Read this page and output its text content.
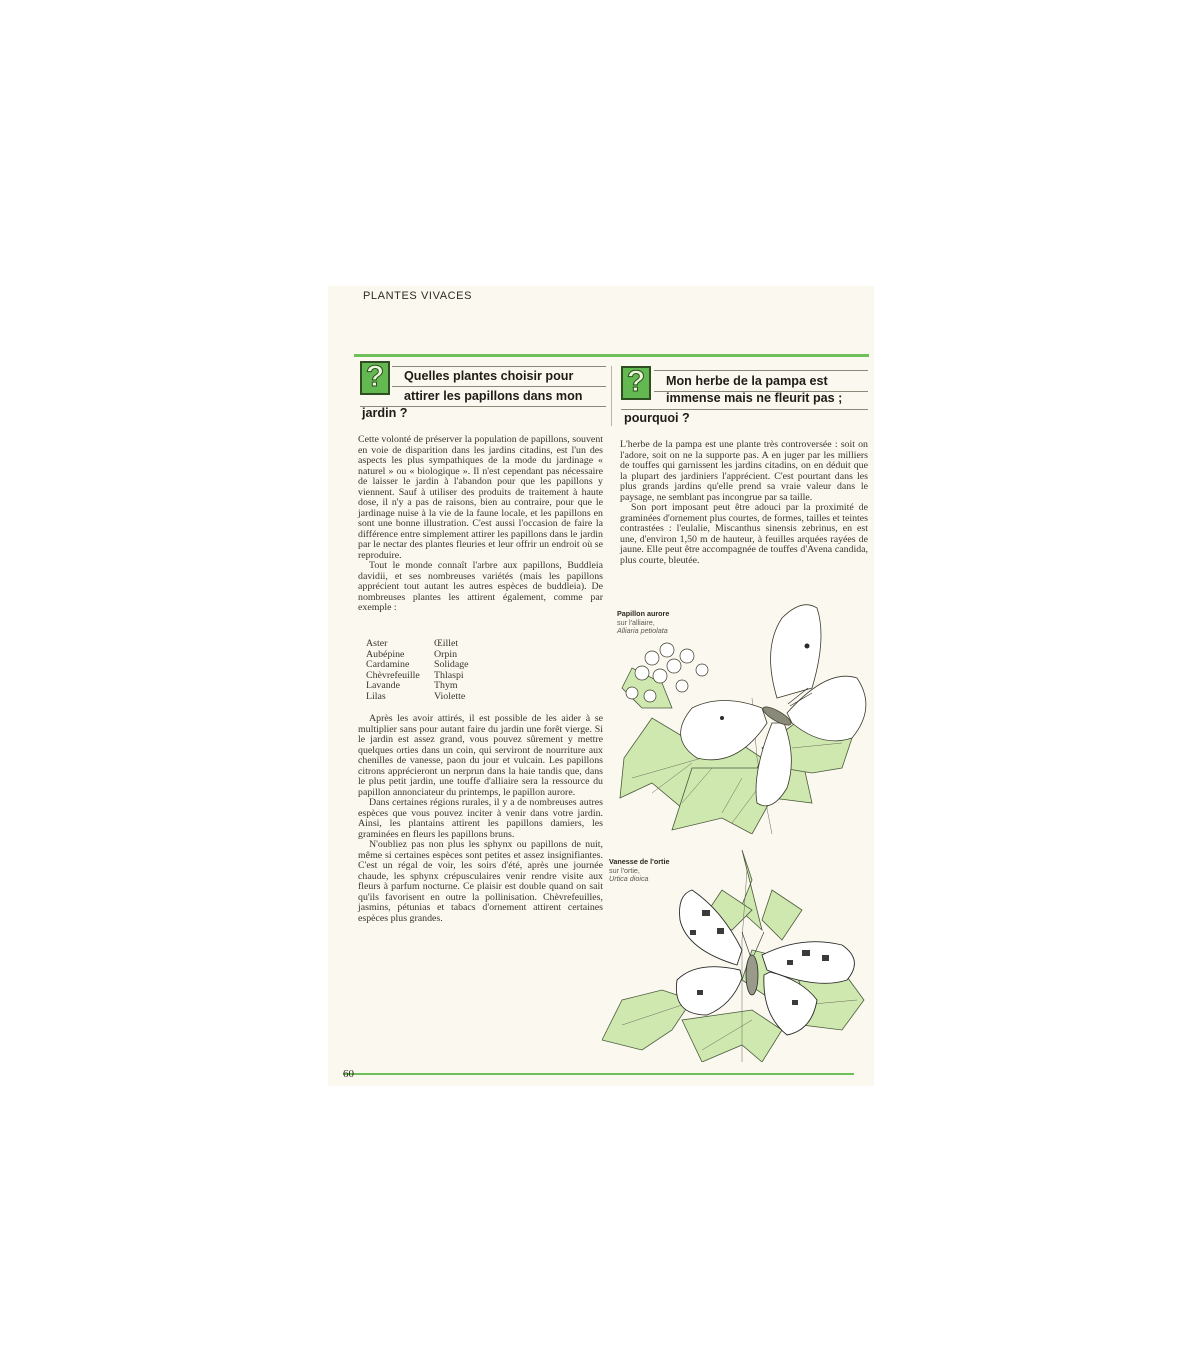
PLANTES VIVACES
? Quelles plantes choisir pour
attirer les papillons dans mon
jardin ?
? Mon herbe de la pampa est
immense mais ne fleurit pas ;
pourquoi ?

Cette volonté de préserver la population de papillons, souvent en voie de disparition dans les jardins citadins, est l'un des aspects les plus sympathiques de la mode du jardinage « naturel » ou « biologique ». Il n'est cependant pas nécessaire de laisser le jardin à l'abandon pour que les papillons y viennent. Sauf à utiliser des produits de traitement à haute dose, il n'y a pas de raisons, bien au contraire, pour que le jardinage nuise à la vie de la faune locale, et les papillons en sont une bonne illustration. C'est aussi l'occasion de faire la différence entre simplement attirer les papillons dans le jardin par le nectar des plantes fleuries et leur offrir un endroit où se reproduire.

Tout le monde connaît l'arbre aux papillons, Buddleia davidii, et ses nombreuses variétés (mais les papillons apprécient tout autant les autres espèces de buddleia). De nombreuses plantes les attirent également, comme par exemple :

Aster	Œillet
Aubépine	Orpin
Cardamine	Solidage
Chèvrefeuille	Thlaspi
Lavande	Thym
Lilas	Violette

Après les avoir attirés, il est possible de les aider à se multiplier sans pour autant faire du jardin une forêt vierge. Si le jardin est assez grand, vous pouvez sûrement y mettre quelques orties dans un coin, qui serviront de nourriture aux chenilles de vanesse, paon du jour et vulcain. Les papillons citrons apprécieront un nerprun dans la haie tandis que, dans le plus petit jardin, une touffe d'alliaire sera la ressource du papillon annonciateur du printemps, le papillon aurore.

Dans certaines régions rurales, il y a de nombreuses autres espèces que vous pouvez inciter à venir dans votre jardin. Ainsi, les plantains attirent les papillons damiers, les graminées en fleurs les papillons bruns.

N'oubliez pas non plus les sphynx ou papillons de nuit, même si certaines espèces sont petites et assez insignifiantes. C'est un régal de voir, les soirs d'été, après une journée chaude, les sphynx crépusculaires venir rendre visite aux fleurs à parfum nocturne. Ce plaisir est double quand on sait qu'ils favorisent en outre la pollinisation. Chèvrefeuilles, jasmins, pétunias et tabacs d'ornement attirent certaines espèces plus grandes.

L'herbe de la pampa est une plante très controversée : soit on l'adore, soit on ne la supporte pas. A en juger par les milliers de touffes qui garnissent les jardins citadins, on en déduit que la plupart des jardiniers l'apprécient. C'est pourtant dans les plus grands jardins qu'elle prend sa vraie valeur dans le paysage, ne semblant pas incongrue par sa taille.

Son port imposant peut être adouci par la proximité de graminées d'ornement plus courtes, de formes, tailles et teintes contrastées : l'eulalie, Miscanthus sinensis zebrinus, en est une, d'environ 1,50 m de hauteur, à feuilles arquées rayées de jaune. Elle peut être accompagnée de touffes d'Avena candida, plus courte, bleutée.

Papillon aurore
sur l'alliaire,
Alliaria petiolata
Vanesse de l'ortie
sur l'ortie,
Urtica dioica
60
